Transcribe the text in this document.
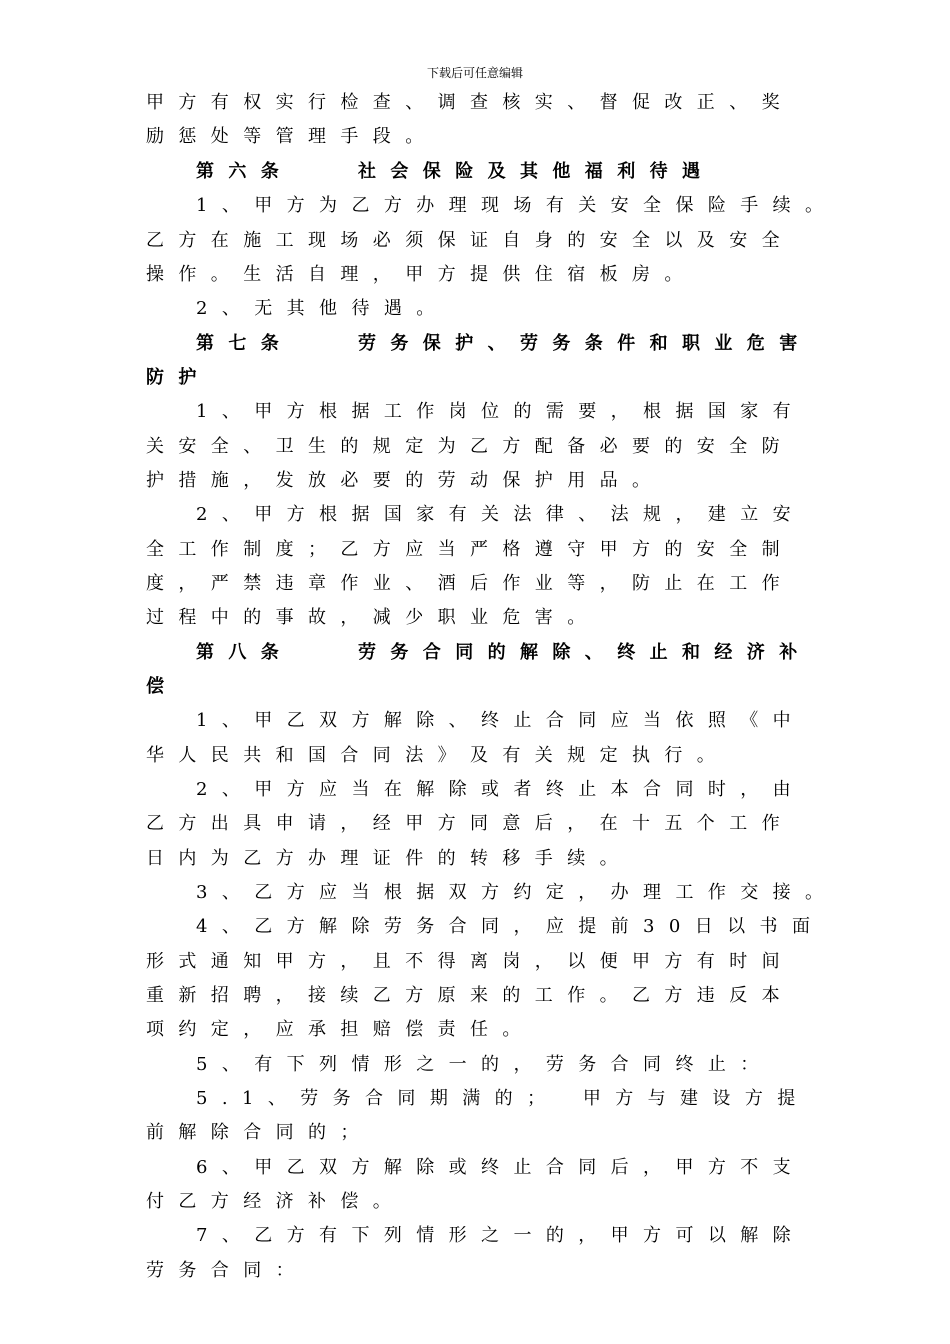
下载后可任意编辑
甲方有权实行检查、调查核实、督促改正、奖
励惩处等管理手段。
第六条　　社会保险及其他福利待遇
1、甲方为乙方办理现场有关安全保险手续。
乙方在施工现场必须保证自身的安全以及安全
操作。生活自理，甲方提供住宿板房。
2、无其他待遇。
第七条　　劳务保护、劳务条件和职业危害
防护
1、甲方根据工作岗位的需要，根据国家有
关安全、卫生的规定为乙方配备必要的安全防
护措施，发放必要的劳动保护用品。
2、甲方根据国家有关法律、法规，建立安
全工作制度；乙方应当严格遵守甲方的安全制
度，严禁违章作业、酒后作业等，防止在工作
过程中的事故，减少职业危害。
第八条　　劳务合同的解除、终止和经济补
偿
1、甲乙双方解除、终止合同应当依照《中
华人民共和国合同法》及有关规定执行。
2、甲方应当在解除或者终止本合同时，由
乙方出具申请，经甲方同意后，在十五个工作
日内为乙方办理证件的转移手续。
3、乙方应当根据双方约定，办理工作交接。
4、乙方解除劳务合同，应提前30日以书面
形式通知甲方，且不得离岗，以便甲方有时间
重新招聘，接续乙方原来的工作。乙方违反本
项约定，应承担赔偿责任。
5、有下列情形之一的，劳务合同终止：
5.1、劳务合同期满的；　甲方与建设方提
前解除合同的；
6、甲乙双方解除或终止合同后，甲方不支
付乙方经济补偿。
7、乙方有下列情形之一的，甲方可以解除
劳务合同：
